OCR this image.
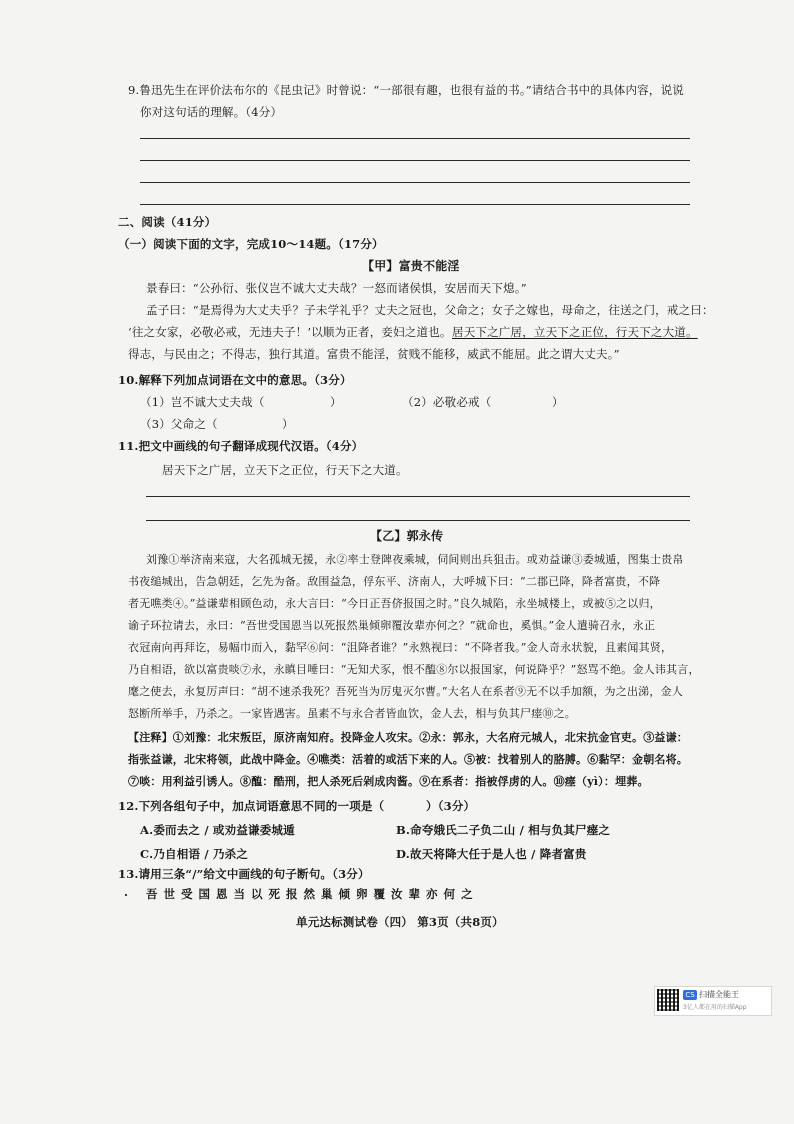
9.鲁迅先生在评价法布尔的《昆虫记》时曾说：“一部很有趣，也很有益的书。”请结合书中的具体内容，说说
你对这句话的理解。（4分）
二、阅读（41分）
（一）阅读下面的文字，完成10～14题。（17分）
【甲】富贵不能淫
景春曰：“公孙衍、张仪岂不诚大丈夫哉？一怒而诸侯惧，安居而天下熄。”
孟子曰：“是焉得为大丈夫乎？子未学礼乎？丈夫之冠也，父命之；女子之嫁也，母命之，往送之门，戒之曰：
‘往之女家，必敬必戒，无违夫子！’以顺为正者，妾妇之道也。 居天下之广居，立天下之正位，行天下之大道。
得志，与民由之；不得志，独行其道。富贵不能淫，贫贱不能移，威武不能屈。此之谓大丈夫。”
10.解释下列加点词语在文中的意思。（3分）
（1）岂不诚大丈夫哉（	）	（2）必敬必戒（	）
（3）父命之（	）
11.把文中画线的句子翻译成现代汉语。（4分）
居天下之广居，立天下之正位，行天下之大道。
【乙】郭永传
刘豫①举济南来寇，大名孤城无援，永②率士登陴夜乘城，伺间则出兵狙击。或劝益谦③委城遁，图集士贵帛
书夜缒城出，告急朝廷，乞先为备。敌围益急，俘东平、济南人，大呼城下曰：“二郡已降，降者富贵，不降
者无噍类④。”益谦辈相顾色动，永大言曰：“今日正吾侪报国之时。”良久城陷，永坐城楼上，或被⑤之以归，
谕子环拉请去，永曰：“吾世受国恩当以死报然巢倾卵覆汝辈亦何之？”就命也，奚惧。”金人遣骑召永，永正
衣冠南向再拜讫，易幅巾而入，黏罕⑥问：“沮降者谁？”永熟视曰：“不降者我。”金人奇永状貌，且素闻其贤，
乃自相语，欲以富贵啖⑦永，永瞋目唾曰：“无知犬豕，恨不醢⑧尔以报国家，何说降乎？”怒骂不绝。金人讳其言，
麾之使去，永复厉声曰：“胡不速杀我死？吾死当为厉鬼灭尔曹。”大名人在系者⑨无不以手加额，为之出涕，金人
怒断所举手，乃杀之。一家皆遇害。虽素不与永合者皆血饮，金人去，相与负其尸瘗⑩之。
【注释】①刘豫：北宋叛臣，原济南知府。投降金人攻宋。②永：郭永，大名府元城人，北宋抗金官吏。③益谦：
指张益谦，北宋将领，此战中降金。④噍类：活着的或活下来的人。⑤被：找着别人的胳膊。⑥黏罕：金朝名将。
⑦啖：用利益引诱人。⑧醢：酷刑，把人杀死后剁成肉酱。⑨在系者：指被俘虏的人。⑩瘗（yì）：埋葬。
12.下列各组句子中，加点词语意思不同的一项是（	）（3分）
A.委而去之 / 或劝益谦委城遁	B.命夸娥氏二子负二山 / 相与负其尸瘗之
C.乃自相语 / 乃杀之	D.故天将降大任于是人也 / 降者富贵
13.请用三条“/”给文中画线的句子断句。（3分）
. 吾 世 受 国 恩 当 以 死 报 然 巢 倾 卵 覆 汝 辈 亦 何 之
单元达标测试卷（四） 第3页（共8页）
CS 扫描全能王
3亿人都在用的扫描App
